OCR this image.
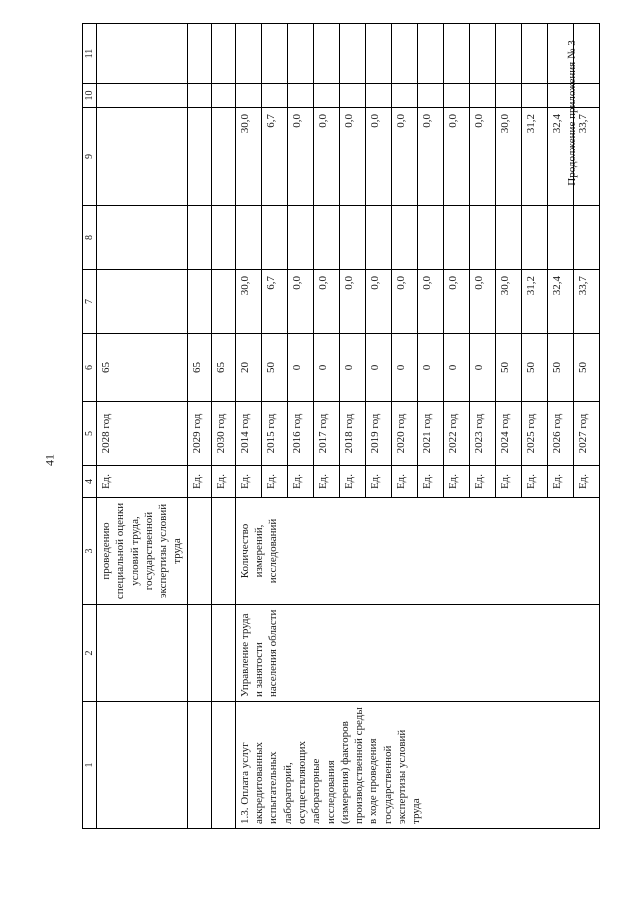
41
Продолжение приложения № 3
1	2	3	4	5	6	7	8	9	10	11
		проведению специальной оценки условий труда, государственной экспертизы условий труда	Ед.	2028 год	65					
			Ед.	2029 год	65					
			Ед.	2030 год	65					
1.3. Оплата услуг аккредитованных испытательных лабораторий, осуществляющих лабораторные исследования (измерения) факторов производственной среды в ходе проведения государственной экспертизы условий труда	Управление труда и занятости населения области	Количество измерений, исследований	Ед.	2014 год	20	30,0		30,0		
			Ед.	2015 год	50	6,7		6,7		
			Ед.	2016 год	0	0,0		0,0		
			Ед.	2017 год	0	0,0		0,0		
			Ед.	2018 год	0	0,0		0,0		
			Ед.	2019 год	0	0,0		0,0		
			Ед.	2020 год	0	0,0		0,0		
			Ед.	2021 год	0	0,0		0,0		
			Ед.	2022 год	0	0,0		0,0		
			Ед.	2023 год	0	0,0		0,0		
			Ед.	2024 год	50	30,0		30,0		
			Ед.	2025 год	50	31,2		31,2		
			Ед.	2026 год	50	32,4		32,4		
			Ед.	2027 год	50	33,7		33,7		
